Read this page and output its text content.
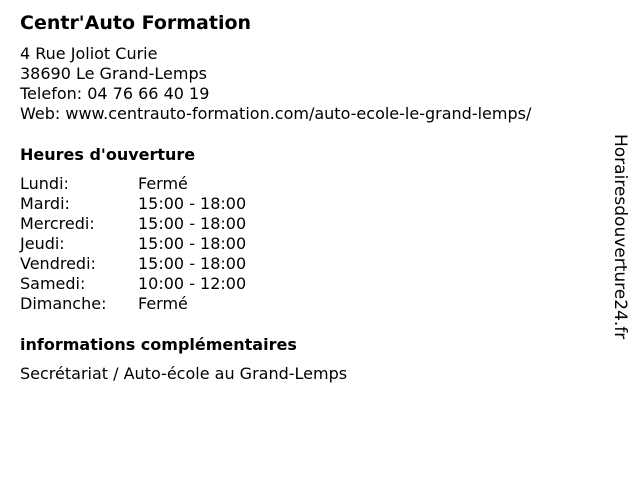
Centr'Auto Formation
4 Rue Joliot Curie
38690 Le Grand-Lemps
Telefon: 04 76 66 40 19
Web: www.centrauto-formation.com/auto-ecole-le-grand-lemps/
Heures d'ouverture
Lundi:	Fermé
Mardi:	15:00 - 18:00
Mercredi:	15:00 - 18:00
Jeudi:	15:00 - 18:00
Vendredi:	15:00 - 18:00
Samedi:	10:00 - 12:00
Dimanche:	Fermé
informations complémentaires
Secrétariat / Auto-école au Grand-Lemps
Horairesdouverture24.fr
